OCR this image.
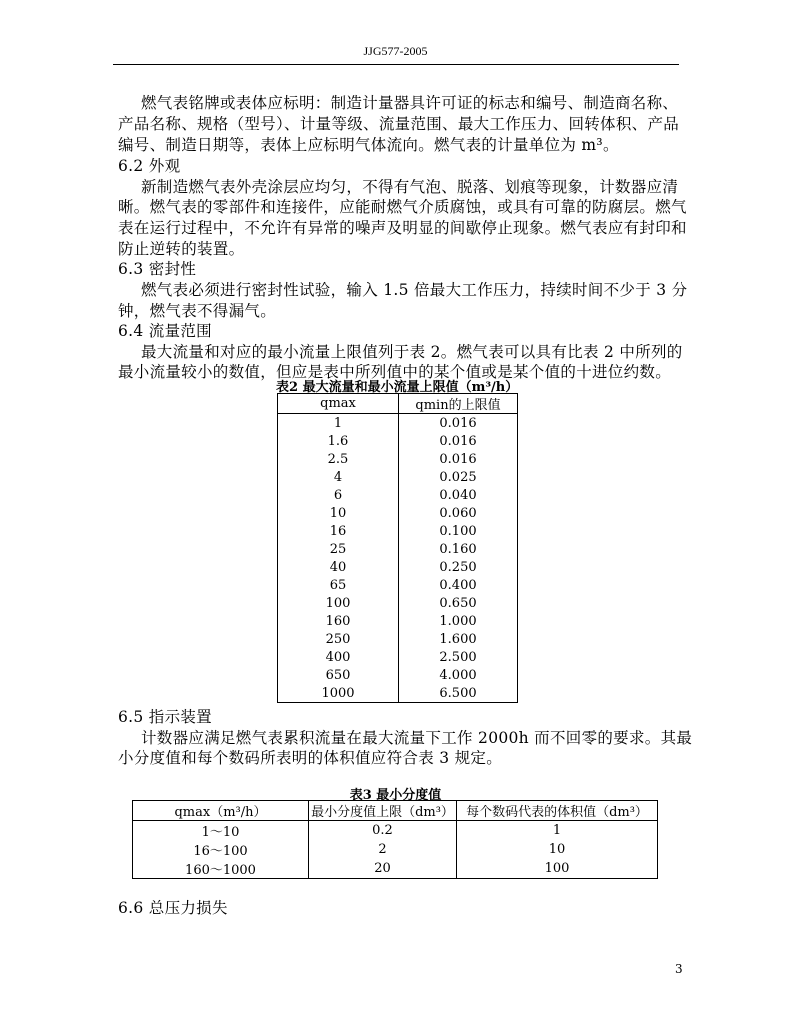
JJG577-2005
燃气表铭牌或表体应标明：制造计量器具许可证的标志和编号、制造商名称、
产品名称、规格（型号）、计量等级、流量范围、最大工作压力、回转体积、产品
编号、制造日期等，表体上应标明气体流向。燃气表的计量单位为 m³。
6.2 外观
新制造燃气表外壳涂层应均匀，不得有气泡、脱落、划痕等现象，计数器应清
晰。燃气表的零部件和连接件，应能耐燃气介质腐蚀，或具有可靠的防腐层。燃气
表在运行过程中，不允许有异常的噪声及明显的间歇停止现象。燃气表应有封印和
防止逆转的装置。
6.3 密封性
燃气表必须进行密封性试验，输入 1.5 倍最大工作压力，持续时间不少于 3 分
钟，燃气表不得漏气。
6.4 流量范围
最大流量和对应的最小流量上限值列于表 2。燃气表可以具有比表 2 中所列的
最小流量较小的数值，但应是表中所列值中的某个值或是某个值的十进位约数。
6.5 指示装置
计数器应满足燃气表累积流量在最大流量下工作 2000h 而不回零的要求。其最
小分度值和每个数码所表明的体积值应符合表 3 规定。
6.6 总压力损失
表2 最大流量和最小流量上限值（m³/h）
qmax	qmin的上限值
1	0.016
1.6	0.016
2.5	0.016
4	0.025
6	0.040
10	0.060
16	0.100
25	0.160
40	0.250
65	0.400
100	0.650
160	1.000
250	1.600
400	2.500
650	4.000
1000	6.500
表3 最小分度值
qmax（m³/h）	最小分度值上限（dm³）	每个数码代表的体积值（dm³）
1～10	0.2	1
16～100	2	10
160～1000	20	100
3
